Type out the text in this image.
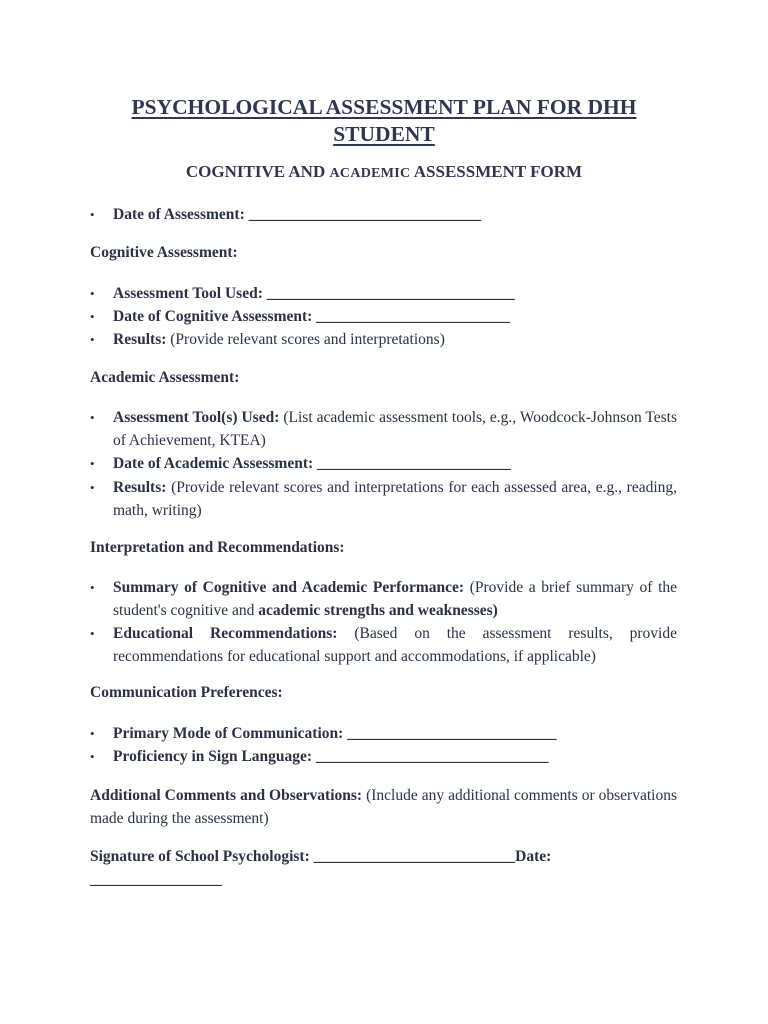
PSYCHOLOGICAL ASSESSMENT PLAN FOR DHH
STUDENT
COGNITIVE AND ACADEMIC ASSESSMENT FORM
• Date of Assessment: ______________________________
Cognitive Assessment:
• Assessment Tool Used: ________________________________
• Date of Cognitive Assessment: _________________________
• Results: (Provide relevant scores and interpretations)
Academic Assessment:
• Assessment Tool(s) Used: (List academic assessment tools, e.g., Woodcock-Johnson Tests of Achievement, KTEA)
• Date of Academic Assessment: _________________________
• Results: (Provide relevant scores and interpretations for each assessed area, e.g., reading, math, writing)
Interpretation and Recommendations:
• Summary of Cognitive and Academic Performance: (Provide a brief summary of the student's cognitive and academic strengths and weaknesses)
• Educational Recommendations: (Based on the assessment results, provide recommendations for educational support and accommodations, if applicable)
Communication Preferences:
• Primary Mode of Communication: ___________________________
• Proficiency in Sign Language: ______________________________
Additional Comments and Observations: (Include any additional comments or observations made during the assessment)
Signature of School Psychologist: __________________________Date:
_________________
